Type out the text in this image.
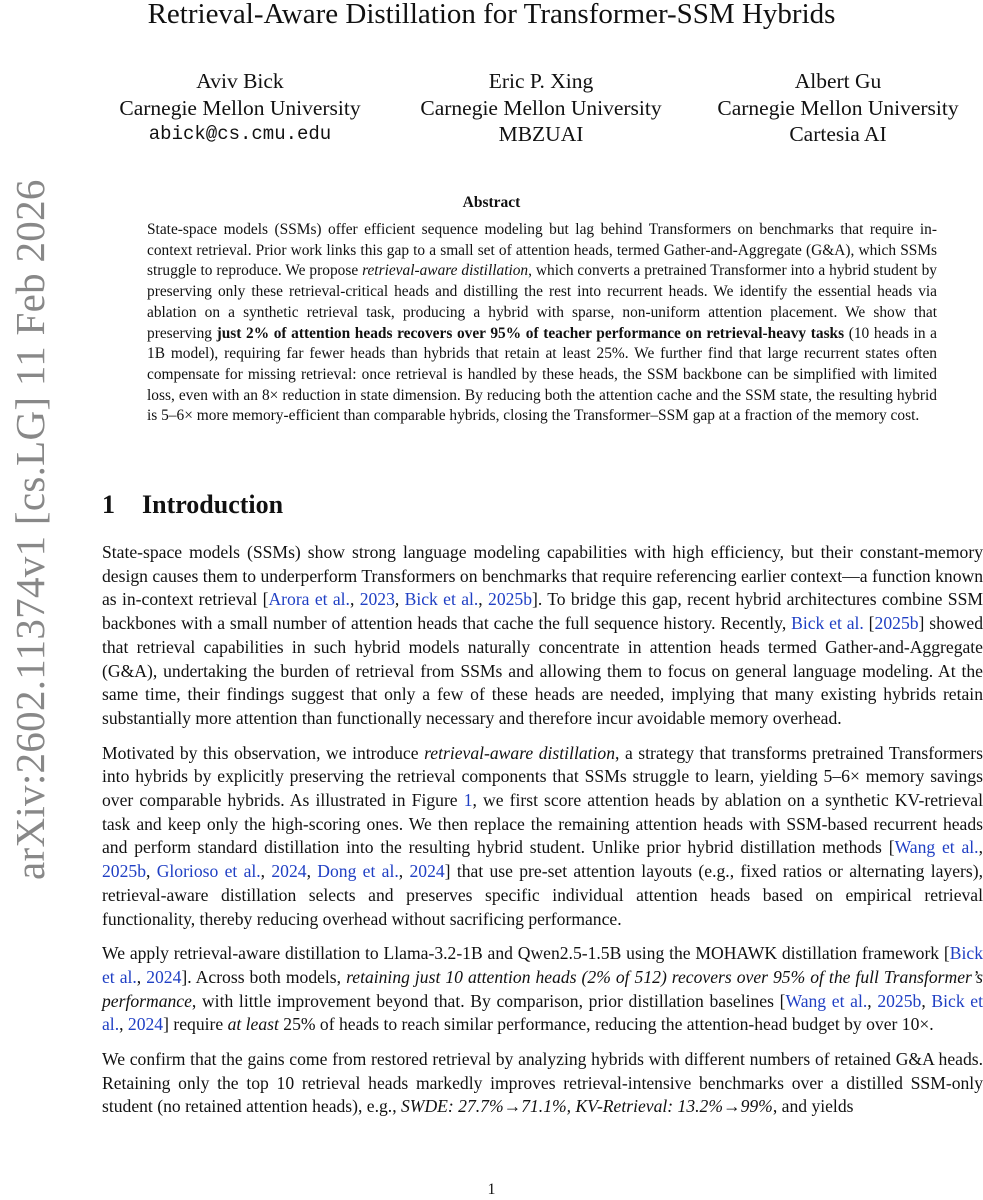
Retrieval-Aware Distillation for Transformer-SSM Hybrids
Aviv Bick
Carnegie Mellon University
abick@cs.cmu.edu
Eric P. Xing
Carnegie Mellon University
MBZUAI
Albert Gu
Carnegie Mellon University
Cartesia AI
arXiv:2602.11374v1 [cs.LG] 11 Feb 2026	Abstract
State-space models (SSMs) offer efficient sequence modeling but lag behind Transformers on benchmarks that require in-context retrieval. Prior work links this gap to a small set of attention heads, termed Gather-and-Aggregate (G&A), which SSMs struggle to reproduce. We propose retrieval-aware distillation, which converts a pretrained Transformer into a hybrid student by preserving only these retrieval-critical heads and distilling the rest into recurrent heads. We identify the essential heads via ablation on a synthetic retrieval task, producing a hybrid with sparse, non-uniform attention placement. We show that preserving just 2% of attention heads recovers over 95% of teacher performance on retrieval-heavy tasks (10 heads in a 1B model), requiring far fewer heads than hybrids that retain at least 25%. We further find that large recurrent states often compensate for missing retrieval: once retrieval is handled by these heads, the SSM backbone can be simplified with limited loss, even with an 8× reduction in state dimension. By reducing both the attention cache and the SSM state, the resulting hybrid is 5–6× more memory-efficient than comparable hybrids, closing the Transformer–SSM gap at a fraction of the memory cost.
1 Introduction

State-space models (SSMs) show strong language modeling capabilities with high efficiency, but their constant-memory design causes them to underperform Transformers on benchmarks that require referencing earlier context—a function known as in-context retrieval [Arora et al., 2023, Bick et al., 2025b]. To bridge this gap, recent hybrid architectures combine SSM backbones with a small number of attention heads that cache the full sequence history. Recently, Bick et al. [2025b] showed that retrieval capabilities in such hybrid models naturally concentrate in attention heads termed Gather-and-Aggregate (G&A), undertaking the burden of retrieval from SSMs and allowing them to focus on general language modeling. At the same time, their findings suggest that only a few of these heads are needed, implying that many existing hybrids retain substantially more attention than functionally necessary and therefore incur avoidable memory overhead.

Motivated by this observation, we introduce retrieval-aware distillation, a strategy that transforms pretrained Transformers into hybrids by explicitly preserving the retrieval components that SSMs struggle to learn, yielding 5–6× memory savings over comparable hybrids. As illustrated in Figure 1, we first score attention heads by ablation on a synthetic KV-retrieval task and keep only the high-scoring ones. We then replace the remaining attention heads with SSM-based recurrent heads and perform standard distillation into the resulting hybrid student. Unlike prior hybrid distillation methods [Wang et al., 2025b, Glorioso et al., 2024, Dong et al., 2024] that use pre-set attention layouts (e.g., fixed ratios or alternating layers), retrieval-aware distillation selects and preserves specific individual attention heads based on empirical retrieval functionality, thereby reducing overhead without sacrificing performance.

We apply retrieval-aware distillation to Llama-3.2-1B and Qwen2.5-1.5B using the MOHAWK distillation framework [Bick et al., 2024]. Across both models, retaining just 10 attention heads (2% of 512) recovers over 95% of the full Transformer’s performance, with little improvement beyond that. By comparison, prior distillation baselines [Wang et al., 2025b, Bick et al., 2024] require at least 25% of heads to reach similar performance, reducing the attention-head budget by over 10×.

We confirm that the gains come from restored retrieval by analyzing hybrids with different numbers of retained G&A heads. Retaining only the top 10 retrieval heads markedly improves retrieval-intensive benchmarks over a distilled SSM-only student (no retained attention heads), e.g., SWDE: 27.7%→71.1%, KV-Retrieval: 13.2%→99%, and yields

1
